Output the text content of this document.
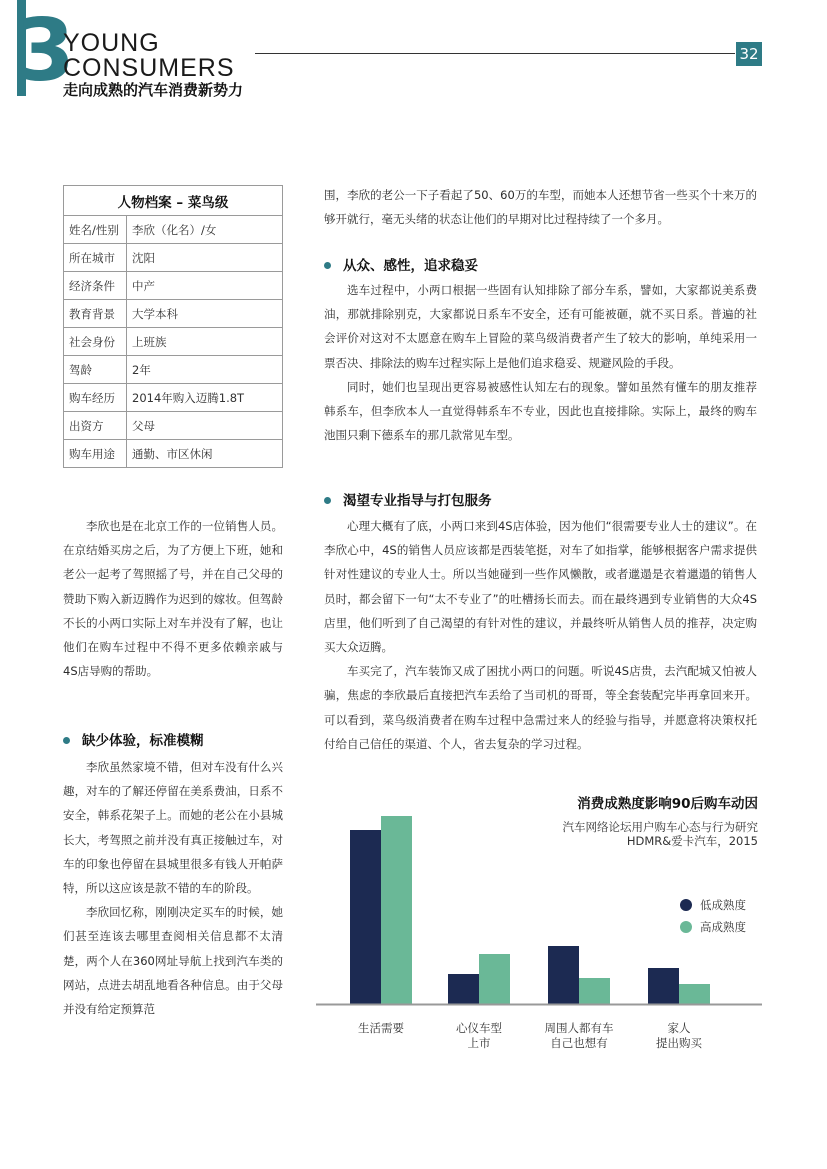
3
YOUNG
CONSUMERS
走向成熟的汽车消费新势力
32
人物档案 – 菜鸟级	
姓名/性别	李欣（化名）/女
所在城市	沈阳
经济条件	中产
教育背景	大学本科
社会身份	上班族
驾龄	2年
购车经历	2014年购入迈腾1.8T
出资方	父母
购车用途	通勤、市区休闲

李欣也是在北京工作的一位销售人员。在京结婚买房之后，为了方便上下班，她和老公一起考了驾照摇了号，并在自己父母的赞助下购入新迈腾作为迟到的嫁妆。但驾龄不长的小两口实际上对车并没有了解，也让他们在购车过程中不得不更多依赖亲戚与4S店导购的帮助。

缺少体验，标准模糊

李欣虽然家境不错，但对车没有什么兴趣，对车的了解还停留在美系费油，日系不安全，韩系花架子上。而她的老公在小县城长大，考驾照之前并没有真正接触过车，对车的印象也停留在县城里很多有钱人开帕萨特，所以这应该是款不错的车的阶段。

李欣回忆称，刚刚决定买车的时候，她们甚至连该去哪里查阅相关信息都不太清楚，两个人在360网址导航上找到汽车类的网站，点进去胡乱地看各种信息。由于父母并没有给定预算范

围，李欣的老公一下子看起了50、60万的车型，而她本人还想节省一些买个十来万的够开就行，毫无头绪的状态让他们的早期对比过程持续了一个多月。

从众、感性，追求稳妥

选车过程中，小两口根据一些固有认知排除了部分车系，譬如，大家都说美系费油，那就排除别克，大家都说日系车不安全，还有可能被砸，就不买日系。普遍的社会评价对这对不太愿意在购车上冒险的菜鸟级消费者产生了较大的影响，单纯采用一票否决、排除法的购车过程实际上是他们追求稳妥、规避风险的手段。

同时，她们也呈现出更容易被感性认知左右的现象。譬如虽然有懂车的朋友推荐韩系车，但李欣本人一直觉得韩系车不专业，因此也直接排除。实际上，最终的购车池围只剩下德系车的那几款常见车型。

渴望专业指导与打包服务

心理大概有了底，小两口来到4S店体验，因为他们“很需要专业人士的建议”。在李欣心中，4S的销售人员应该都是西装笔挺，对车了如指掌，能够根据客户需求提供针对性建议的专业人士。所以当她碰到一些作风懒散，或者邋遢是衣着邋遢的销售人员时，都会留下一句“太不专业了”的吐槽扬长而去。而在最终遇到专业销售的大众4S店里，他们听到了自己渴望的有针对性的建议，并最终听从销售人员的推荐，决定购买大众迈腾。

车买完了，汽车装饰又成了困扰小两口的问题。听说4S店贵，去汽配城又怕被人骗，焦虑的李欣最后直接把汽车丢给了当司机的哥哥，等全套装配完毕再拿回来开。可以看到，菜鸟级消费者在购车过程中急需过来人的经验与指导，并愿意将决策权托付给自己信任的渠道、个人，省去复杂的学习过程。

消费成熟度影响90后购车动因
汽车网络论坛用户购车心态与行为研究
HDMR&爱卡汽车，2015
生活需要	心仪车型
上市
周围人都有车
自己也想有
家人
提出购买
低成熟度
高成熟度
